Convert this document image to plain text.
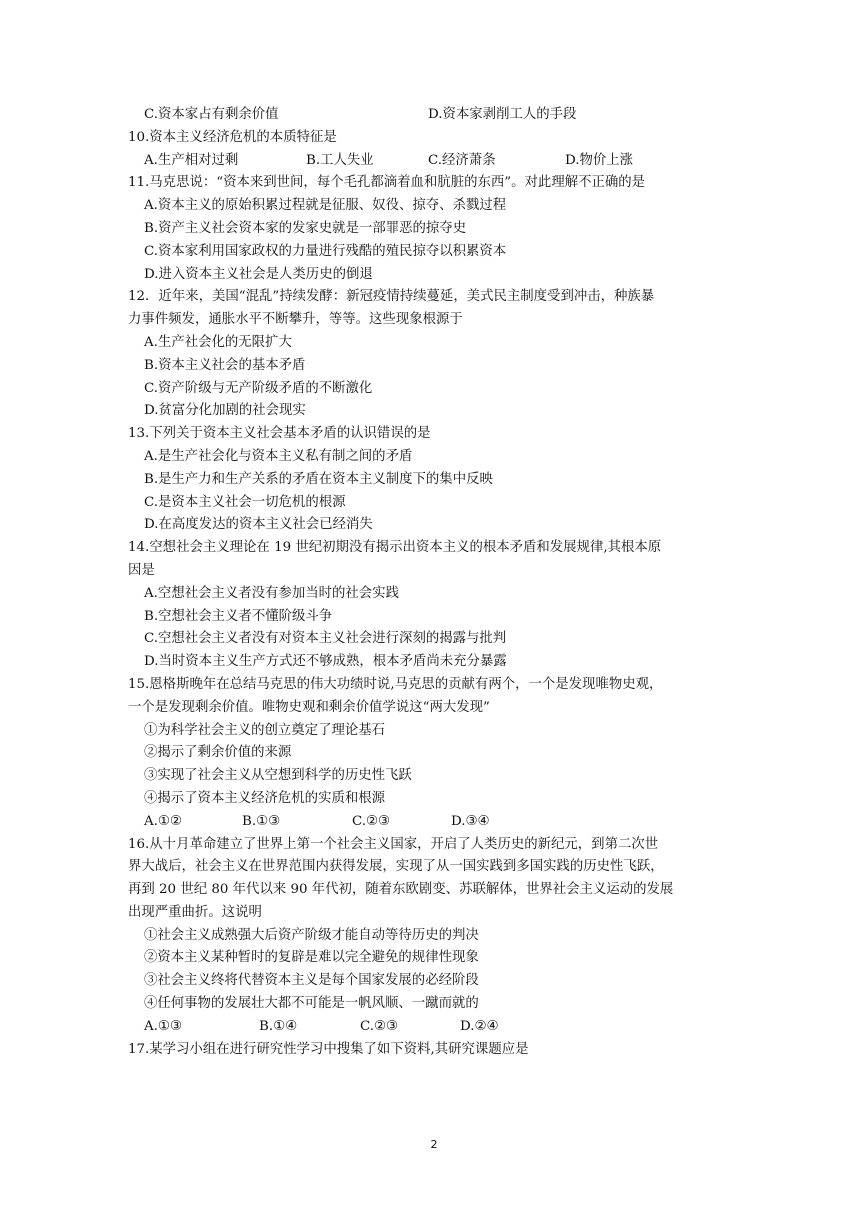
C.资本家占有剩余价值	D.资本家剥削工人的手段
10.资本主义经济危机的本质特征是
A.生产相对过剩	B.工人失业	C.经济萧条	D.物价上涨
11.马克思说：“资本来到世间，每个毛孔都滴着血和肮脏的东西”。对此理解不正确的是
A.资本主义的原始积累过程就是征服、奴役、掠夺、杀戮过程
B.资产主义社会资本家的发家史就是一部罪恶的掠夺史
C.资本家利用国家政权的力量进行残酷的殖民掠夺以积累资本
D.进入资本主义社会是人类历史的倒退
12．近年来，美国“混乱”持续发酵：新冠疫情持续蔓延，美式民主制度受到冲击，种族暴
力事件频发，通胀水平不断攀升，等等。这些现象根源于
A.生产社会化的无限扩大
B.资本主义社会的基本矛盾
C.资产阶级与无产阶级矛盾的不断激化
D.贫富分化加剧的社会现实
13.下列关于资本主义社会基本矛盾的认识错误的是
A.是生产社会化与资本主义私有制之间的矛盾
B.是生产力和生产关系的矛盾在资本主义制度下的集中反映
C.是资本主义社会一切危机的根源
D.在高度发达的资本主义社会已经消失
14.空想社会主义理论在 19 世纪初期没有揭示出资本主义的根本矛盾和发展规律,其根本原
因是
A.空想社会主义者没有参加当时的社会实践
B.空想社会主义者不懂阶级斗争
C.空想社会主义者没有对资本主义社会进行深刻的揭露与批判
D.当时资本主义生产方式还不够成熟，根本矛盾尚未充分暴露
15.恩格斯晚年在总结马克思的伟大功绩时说,马克思的贡献有两个，一个是发现唯物史观，
一个是发现剩余价值。唯物史观和剩余价值学说这“两大发现”
①为科学社会主义的创立奠定了理论基石
②揭示了剩余价值的来源
③实现了社会主义从空想到科学的历史性飞跃
④揭示了资本主义经济危机的实质和根源
A.①②	B.①③	C.②③	D.③④
16.从十月革命建立了世界上第一个社会主义国家，开启了人类历史的新纪元，到第二次世
界大战后，社会主义在世界范围内获得发展，实现了从一国实践到多国实践的历史性飞跃，
再到 20 世纪 80 年代以来 90 年代初，随着东欧剧变、苏联解体，世界社会主义运动的发展
出现严重曲折。这说明
①社会主义成熟强大后资产阶级才能自动等待历史的判决
②资本主义某种暂时的复辟是难以完全避免的规律性现象
③社会主义终将代替资本主义是每个国家发展的必经阶段
④任何事物的发展壮大都不可能是一帆风顺、一蹴而就的
A.①③	B.①④	C.②③	D.②④
17.某学习小组在进行研究性学习中搜集了如下资料,其研究课题应是
2
